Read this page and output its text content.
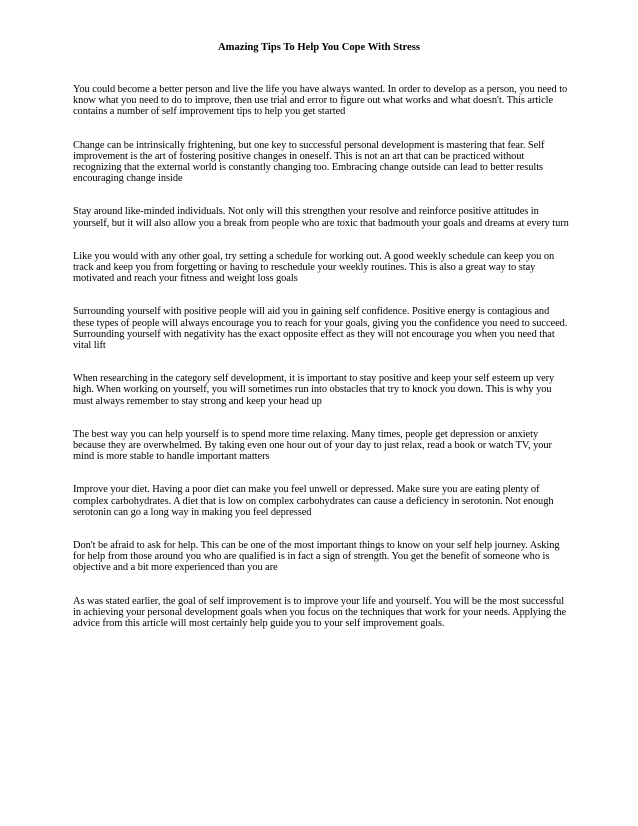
Amazing Tips To Help You Cope With Stress

You could become a better person and live the life you have always wanted. In order to develop as a person, you need to know what you need to do to improve, then use trial and error to figure out what works and what doesn't. This article contains a number of self improvement tips to help you get started

Change can be intrinsically frightening, but one key to successful personal development is mastering that fear. Self improvement is the art of fostering positive changes in oneself. This is not an art that can be practiced without recognizing that the external world is constantly changing too. Embracing change outside can lead to better results encouraging change inside

Stay around like-minded individuals. Not only will this strengthen your resolve and reinforce positive attitudes in yourself, but it will also allow you a break from people who are toxic that badmouth your goals and dreams at every turn

Like you would with any other goal, try setting a schedule for working out. A good weekly schedule can keep you on track and keep you from forgetting or having to reschedule your weekly routines. This is also a great way to stay motivated and reach your fitness and weight loss goals

Surrounding yourself with positive people will aid you in gaining self confidence. Positive energy is contagious and these types of people will always encourage you to reach for your goals, giving you the confidence you need to succeed. Surrounding yourself with negativity has the exact opposite effect as they will not encourage you when you need that vital lift

When researching in the category self development, it is important to stay positive and keep your self esteem up very high. When working on yourself, you will sometimes run into obstacles that try to knock you down. This is why you must always remember to stay strong and keep your head up

The best way you can help yourself is to spend more time relaxing. Many times, people get depression or anxiety because they are overwhelmed. By taking even one hour out of your day to just relax, read a book or watch TV, your mind is more stable to handle important matters

Improve your diet. Having a poor diet can make you feel unwell or depressed. Make sure you are eating plenty of complex carbohydrates. A diet that is low on complex carbohydrates can cause a deficiency in serotonin. Not enough serotonin can go a long way in making you feel depressed

Don't be afraid to ask for help. This can be one of the most important things to know on your self help journey. Asking for help from those around you who are qualified is in fact a sign of strength. You get the benefit of someone who is objective and a bit more experienced than you are

As was stated earlier, the goal of self improvement is to improve your life and yourself. You will be the most successful in achieving your personal development goals when you focus on the techniques that work for your needs. Applying the advice from this article will most certainly help guide you to your self improvement goals.
